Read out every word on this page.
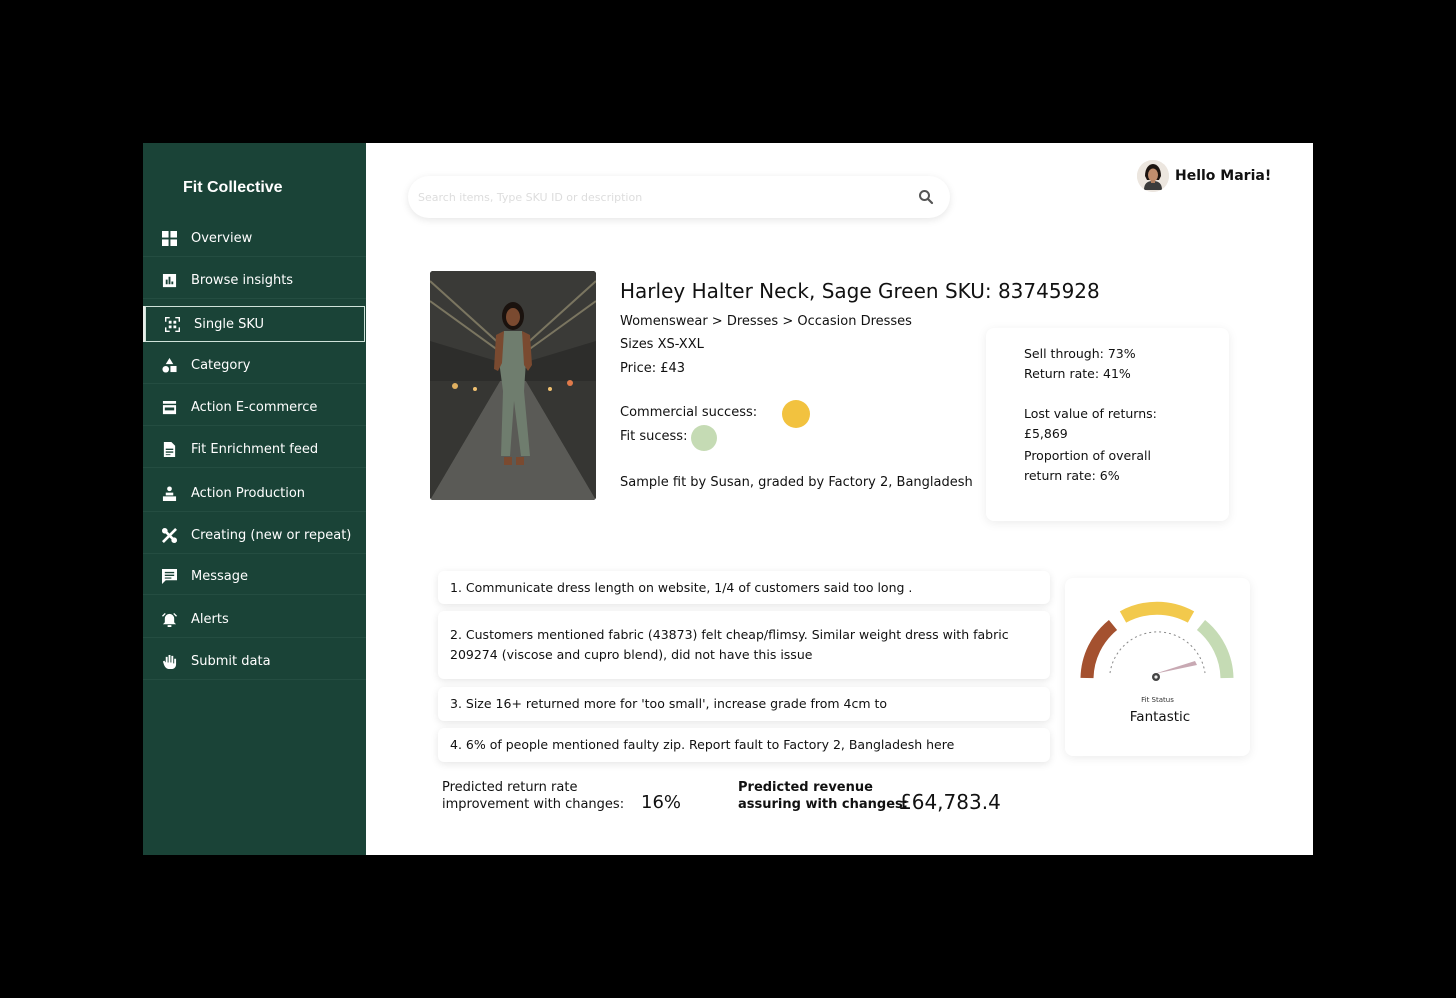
Fit Collective
Overview
Browse insights
Single SKU
Category
Action E-commerce
Fit Enrichment feed
Action Production
Creating (new or repeat)
Message
Alerts
Submit data
Search items, Type SKU ID or description
Hello Maria!
Harley Halter Neck, Sage Green SKU: 83745928
Womenswear > Dresses > Occasion Dresses
Sizes XS-XXL
Price: £43
Commercial success:
Fit sucess:
Sample fit by Susan, graded by Factory 2, Bangladesh
Sell through: 73%
Return rate: 41%
Lost value of returns:
£5,869
Proportion of overall
return rate: 6%
1. Communicate dress length on website, 1/4 of customers said too long .
2. Customers mentioned fabric (43873) felt cheap/flimsy. Similar weight dress with fabric 209274 (viscose and cupro blend), did not have this issue
3. Size 16+ returned more for 'too small', increase grade from 4cm to
4. 6% of people mentioned faulty zip. Report fault to Factory 2, Bangladesh here
Fit Status
Fantastic
Predicted return rate
improvement with changes: 16%
Predicted revenue
assuring with changes:
£64,783.4
